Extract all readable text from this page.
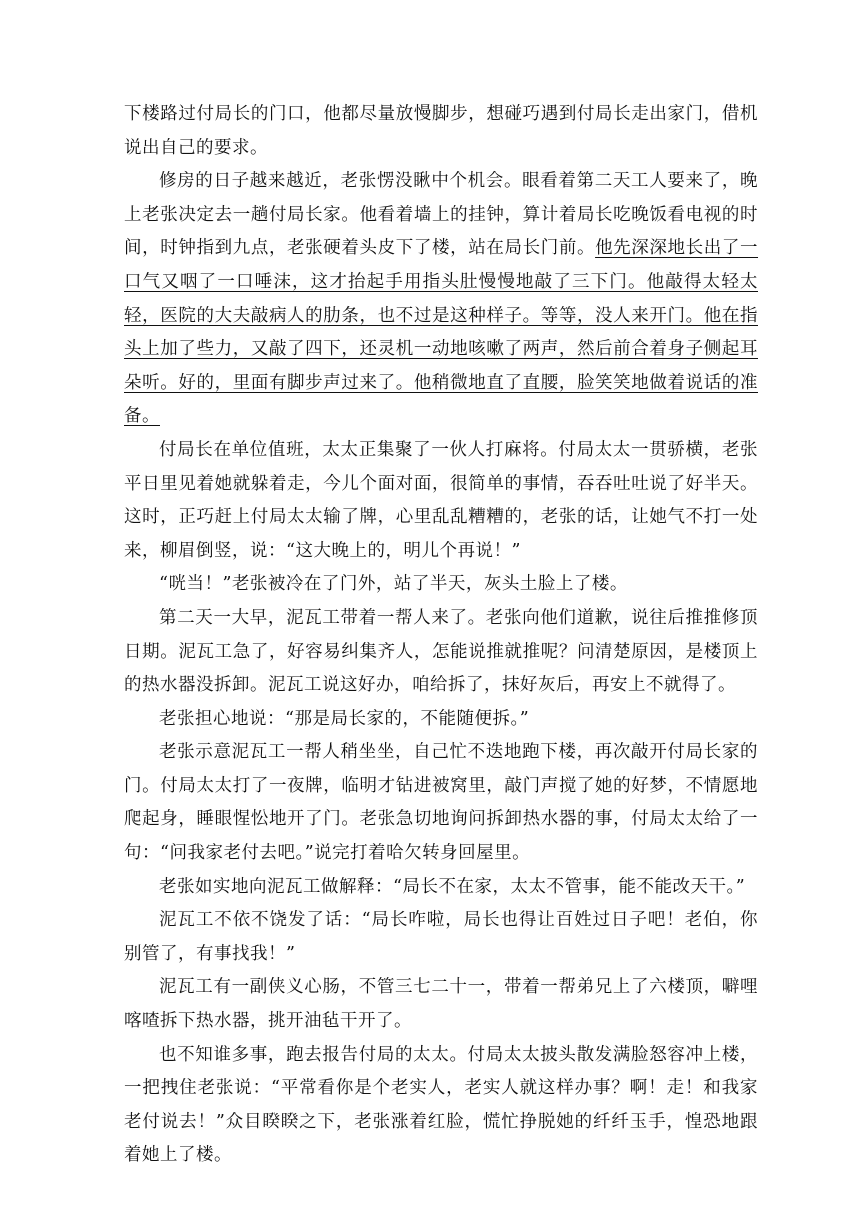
下楼路过付局长的门口，他都尽量放慢脚步，想碰巧遇到付局长走出家门，借机说出自己的要求。

修房的日子越来越近，老张愣没瞅中个机会。眼看着第二天工人要来了，晚上老张决定去一趟付局长家。他看着墙上的挂钟，算计着局长吃晚饭看电视的时间，时钟指到九点，老张硬着头皮下了楼，站在局长门前。他先深深地长出了一口气又咽了一口唾沫，这才抬起手用指头肚慢慢地敲了三下门。他敲得太轻太轻，医院的大夫敲病人的肋条，也不过是这种样子。等等，没人来开门。他在指头上加了些力，又敲了四下，还灵机一动地咳嗽了两声，然后前合着身子侧起耳朵听。好的，里面有脚步声过来了。他稍微地直了直腰，脸笑笑地做着说话的准备。

付局长在单位值班，太太正集聚了一伙人打麻将。付局太太一贯骄横，老张平日里见着她就躲着走，今儿个面对面，很简单的事情，吞吞吐吐说了好半天。这时，正巧赶上付局太太输了牌，心里乱乱糟糟的，老张的话，让她气不打一处来，柳眉倒竖，说：“这大晚上的，明儿个再说！”

“咣当！”老张被冷在了门外，站了半天，灰头土脸上了楼。

第二天一大早，泥瓦工带着一帮人来了。老张向他们道歉，说往后推推修顶日期。泥瓦工急了，好容易纠集齐人，怎能说推就推呢？问清楚原因，是楼顶上的热水器没拆卸。泥瓦工说这好办，咱给拆了，抹好灰后，再安上不就得了。

老张担心地说：“那是局长家的，不能随便拆。”

老张示意泥瓦工一帮人稍坐坐，自己忙不迭地跑下楼，再次敲开付局长家的门。付局太太打了一夜牌，临明才钻进被窝里，敲门声搅了她的好梦，不情愿地爬起身，睡眼惺忪地开了门。老张急切地询问拆卸热水器的事，付局太太给了一句：“问我家老付去吧。”说完打着哈欠转身回屋里。

老张如实地向泥瓦工做解释：“局长不在家，太太不管事，能不能改天干。”

泥瓦工不依不饶发了话：“局长咋啦，局长也得让百姓过日子吧！老伯，你别管了，有事找我！”

泥瓦工有一副侠义心肠，不管三七二十一，带着一帮弟兄上了六楼顶，噼哩喀喳拆下热水器，挑开油毡干开了。

也不知谁多事，跑去报告付局的太太。付局太太披头散发满脸怒容冲上楼，一把拽住老张说：“平常看你是个老实人，老实人就这样办事？啊！走！和我家老付说去！”众目睽睽之下，老张涨着红脸，慌忙挣脱她的纤纤玉手，惶恐地跟着她上了楼。
